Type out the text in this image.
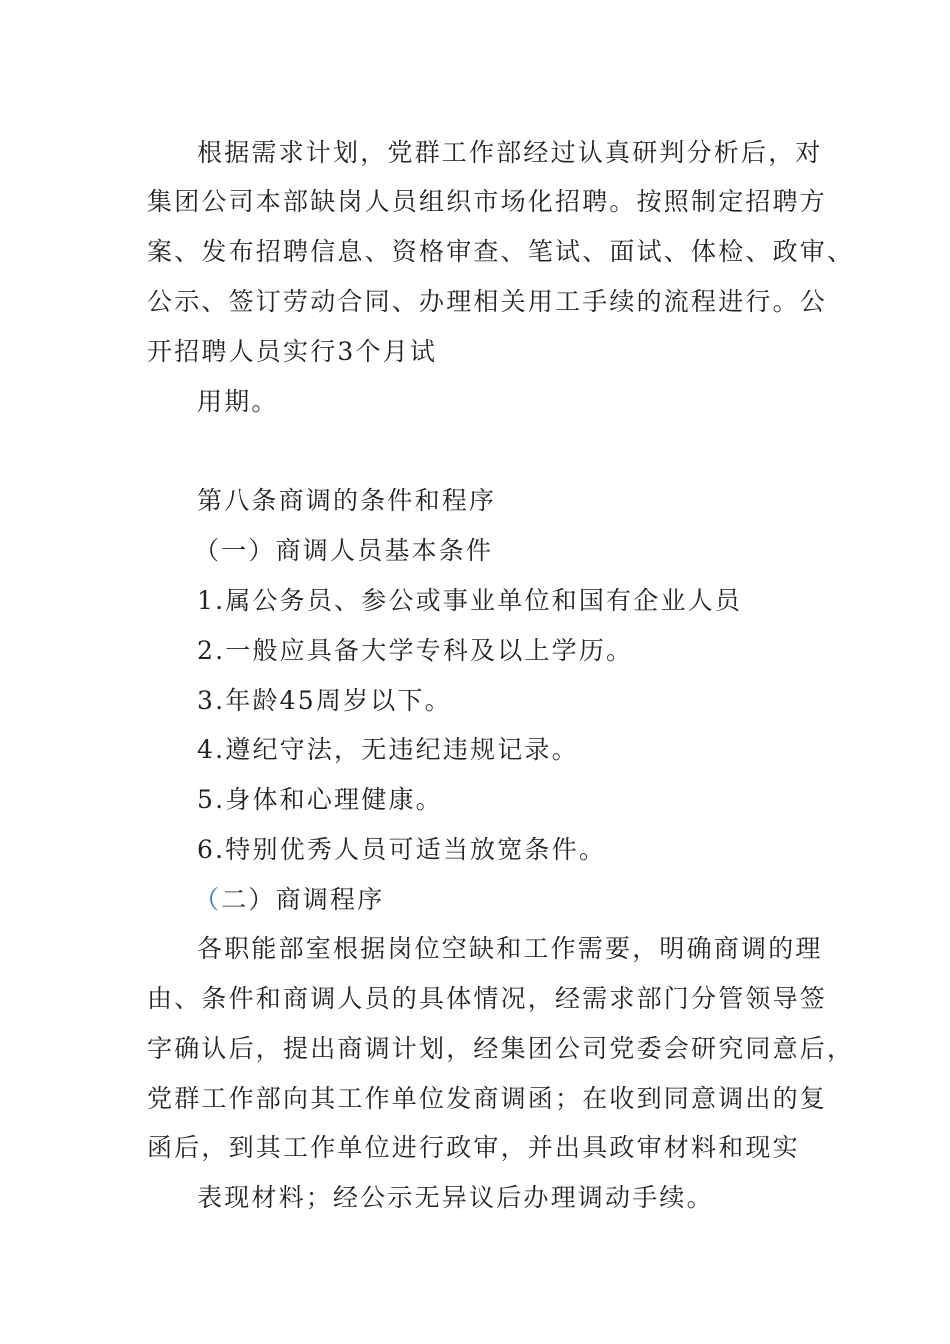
根据需求计划，党群工作部经过认真研判分析后，对
集团公司本部缺岗人员组织市场化招聘。按照制定招聘方
案、发布招聘信息、资格审查、笔试、面试、体检、政审、
公示、签订劳动合同、办理相关用工手续的流程进行。公
开招聘人员实行3个月试
用期。
第八条商调的条件和程序
（一）商调人员基本条件
1.属公务员、参公或事业单位和国有企业人员
2.一般应具备大学专科及以上学历。
3.年龄45周岁以下。
4.遵纪守法，无违纪违规记录。
5.身体和心理健康。
6.特别优秀人员可适当放宽条件。
（二）商调程序
各职能部室根据岗位空缺和工作需要，明确商调的理
由、条件和商调人员的具体情况，经需求部门分管领导签
字确认后，提出商调计划，经集团公司党委会研究同意后，
党群工作部向其工作单位发商调函；在收到同意调出的复
函后，到其工作单位进行政审，并出具政审材料和现实
表现材料；经公示无异议后办理调动手续。
